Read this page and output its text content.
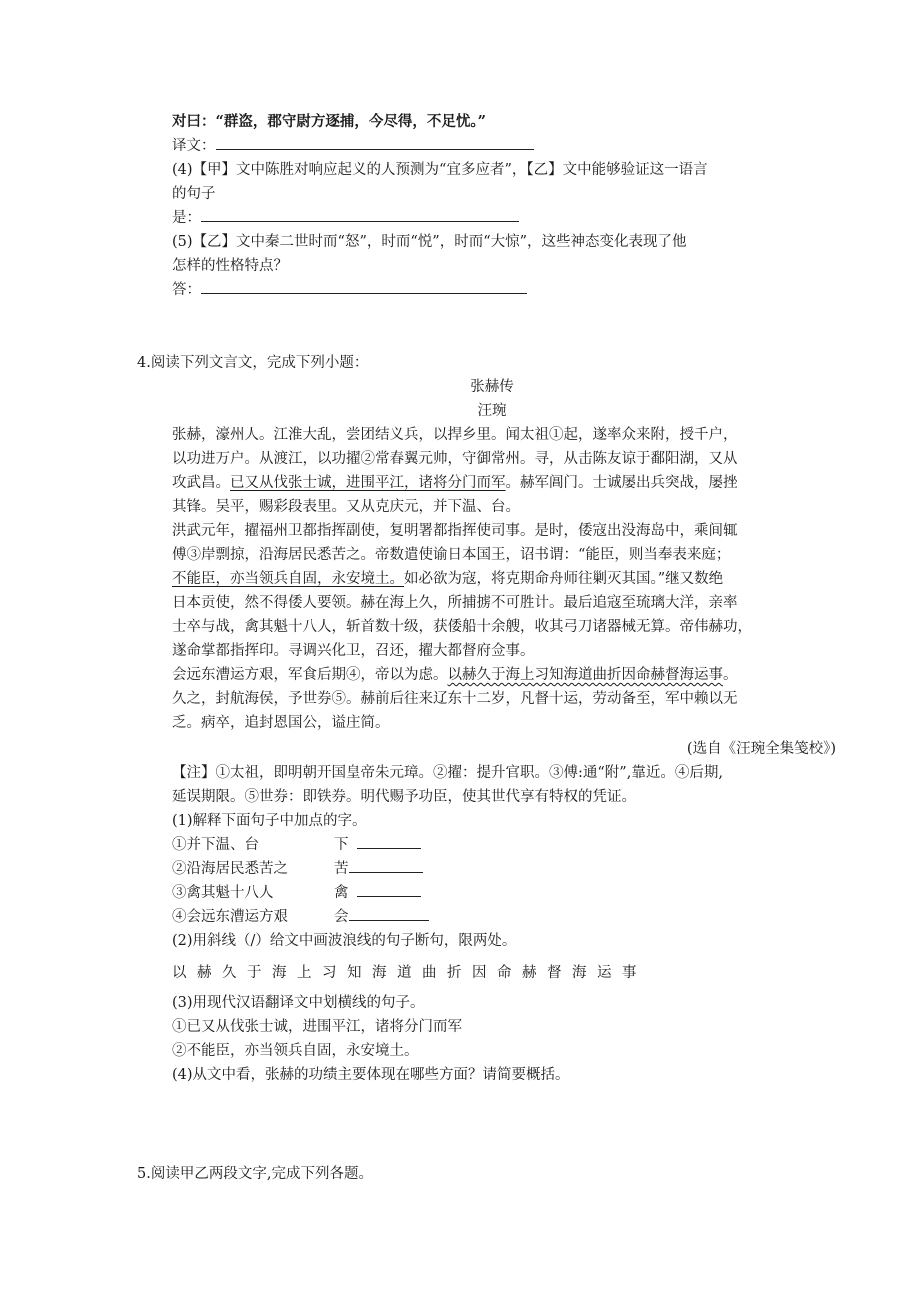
对曰：“群盗，郡守尉方逐捕，今尽得，不足忧。”
译文：
(4)【甲】文中陈胜对响应起义的人预测为“宜多应者”，【乙】文中能够验证这一语言
的句子
是：
(5)【乙】文中秦二世时而“怒”，时而“悦”，时而“大惊”，这些神态变化表现了他
怎样的性格特点？
答：
4.阅读下列文言文，完成下列小题：
张赫传
汪琬
张赫，濠州人。江淮大乱，尝团结义兵，以捍乡里。闻太祖①起，遂率众来附，授千户，
以功进万户。从渡江，以功擢②常春翼元帅，守御常州。寻，从击陈友谅于鄱阳湖，又从
攻武昌。已又从伐张士诚，进围平江，诸将分门而军。赫军阊门。士诚屡出兵突战，屡挫
其锋。吴平，赐彩段表里。又从克庆元，并下温、台。
洪武元年，擢福州卫都指挥副使，复明署都指挥使司事。是时，倭寇出没海岛中，乘间辄
傅③岸剽掠，沿海居民悉苦之。帝数遣使谕日本国王，诏书谓：“能臣，则当奉表来庭；
不能臣，亦当领兵自固，永安境土。如必欲为寇，将克期命舟师往剿灭其国。”继又数绝
日本贡使，然不得倭人要领。赫在海上久，所捕掳不可胜计。最后追寇至琉璃大洋，亲率
士卒与战，禽其魁十八人，斩首数十级，获倭船十余艘，收其弓刀诸器械无算。帝伟赫功，
遂命掌都指挥印。寻调兴化卫，召还，擢大都督府佥事。
会远东漕运方艰，军食后期④，帝以为虑。以赫久于海上习知海道曲折因命赫督海运事。
久之，封航海侯，予世券⑤。赫前后往来辽东十二岁，凡督十运，劳动备至，军中赖以无
乏。病卒，追封恩国公，谥庄简。
(选自《汪琬全集笺校》)
【注】①太祖，即明朝开国皇帝朱元璋。②擢：提升官职。③傅:通“附”,靠近。④后期,
延误期限。⑤世券：即铁券。明代赐予功臣，使其世代享有特权的凭证。
(1)解释下面句子中加点的字。
①并下温、台	下
②沿海居民悉苦之	苦
③禽其魁十八人	禽
④会远东漕运方艰	会
(2)用斜线（/）给文中画波浪线的句子断句，限两处。
以赫久于海上习知海道曲折因命赫督海运事
(3)用现代汉语翻译文中划横线的句子。
①已又从伐张士诚，进围平江，诸将分门而军
②不能臣，亦当领兵自固，永安境土。
(4)从文中看，张赫的功绩主要体现在哪些方面？请简要概括。
5.阅读甲乙两段文字,完成下列各题。
